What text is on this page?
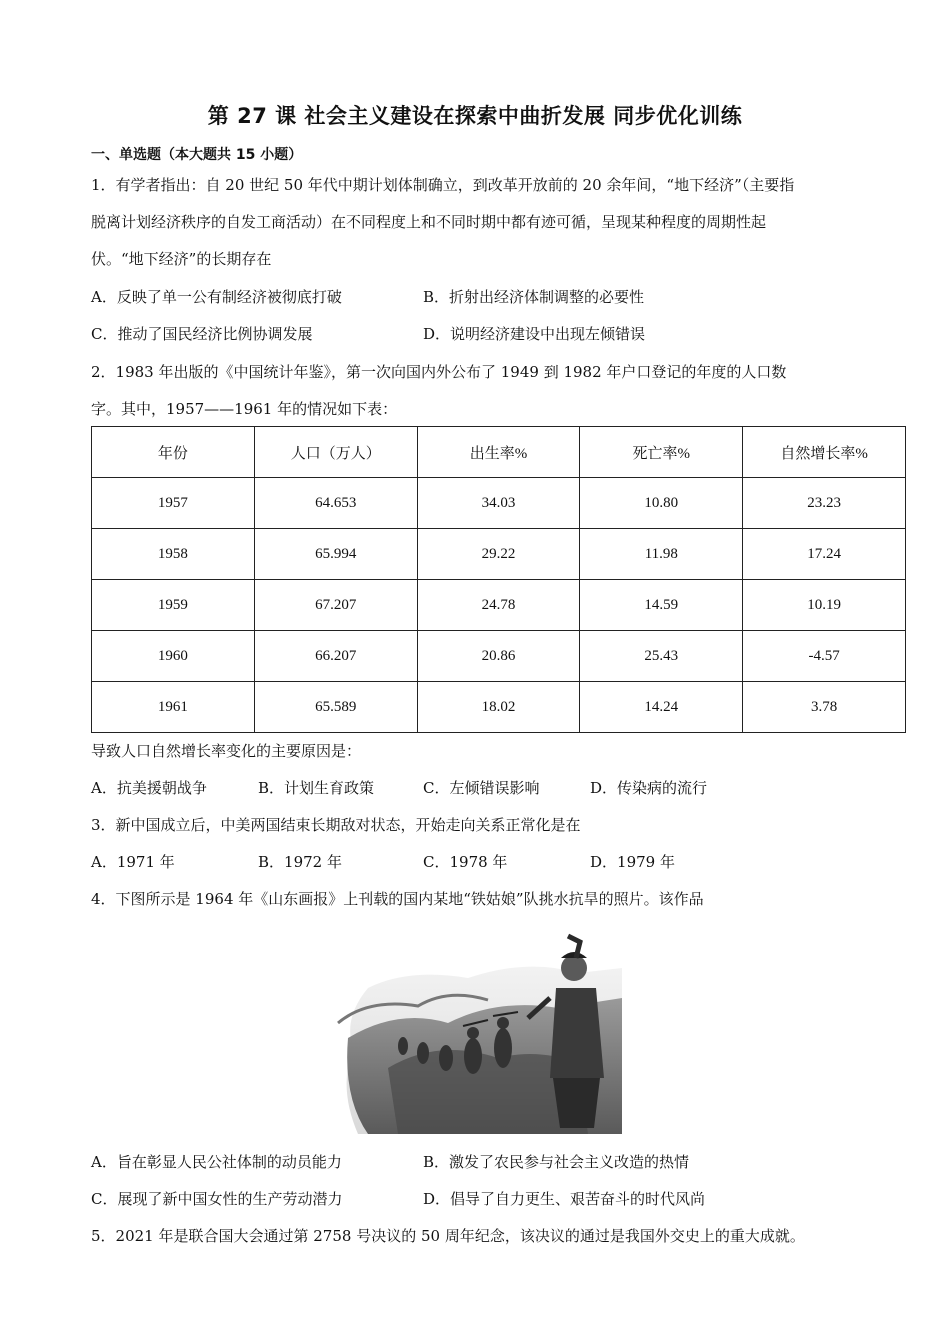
第 27 课 社会主义建设在探索中曲折发展 同步优化训练
一、单选题（本大题共 15 小题）
1．有学者指出：自 20 世纪 50 年代中期计划体制确立，到改革开放前的 20 余年间，“地下经济”（主要指
脱离计划经济秩序的自发工商活动）在不同程度上和不同时期中都有迹可循，呈现某种程度的周期性起
伏。“地下经济”的长期存在
A．反映了单一公有制经济被彻底打破	B．折射出经济体制调整的必要性
C．推动了国民经济比例协调发展	D．说明经济建设中出现左倾错误
2．1983 年出版的《中国统计年鉴》，第一次向国内外公布了 1949 到 1982 年户口登记的年度的人口数
字。其中，1957——1961 年的情况如下表：
年份	人口（万人）	出生率%	死亡率%	自然增长率%
1957	64.653	34.03	10.80	23.23
1958	65.994	29.22	11.98	17.24
1959	67.207	24.78	14.59	10.19
1960	66.207	20.86	25.43	-4.57
1961	65.589	18.02	14.24	3.78
导致人口自然增长率变化的主要原因是：
A．抗美援朝战争	B．计划生育政策	C．左倾错误影响	D．传染病的流行
3．新中国成立后，中美两国结束长期敌对状态，开始走向关系正常化是在
A．1971 年	B．1972 年	C．1978 年	D．1979 年
4．下图所示是 1964 年《山东画报》上刊载的国内某地“铁姑娘”队挑水抗旱的照片。该作品
A．旨在彰显人民公社体制的动员能力	B．激发了农民参与社会主义改造的热情
C．展现了新中国女性的生产劳动潜力	D．倡导了自力更生、艰苦奋斗的时代风尚
5．2021 年是联合国大会通过第 2758 号决议的 50 周年纪念，该决议的通过是我国外交史上的重大成就。
